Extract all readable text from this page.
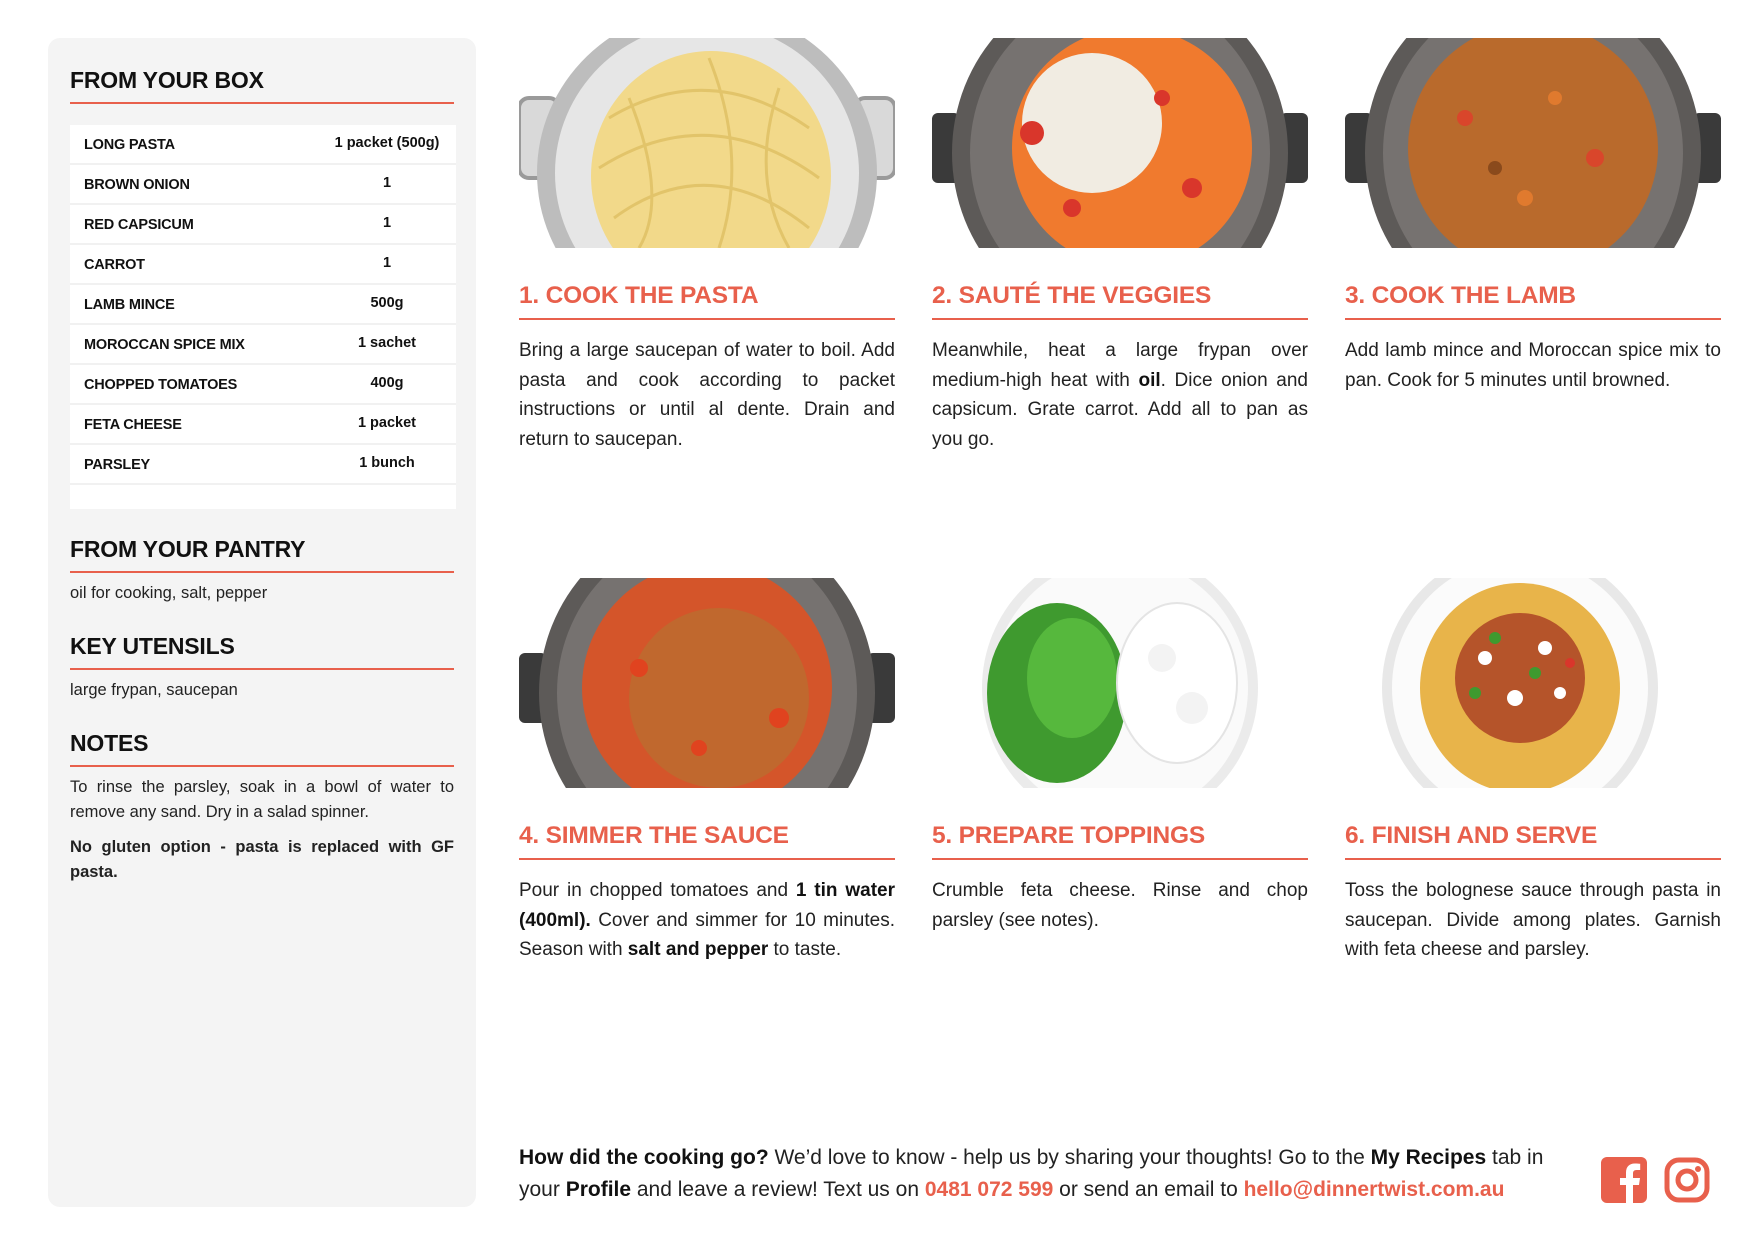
FROM YOUR BOX
LONG PASTA	1 packet (500g)
BROWN ONION	1
RED CAPSICUM	1
CARROT	1
LAMB MINCE	500g
MOROCCAN SPICE MIX	1 sachet
CHOPPED TOMATOES	400g
FETA CHEESE	1 packet
PARSLEY	1 bunch
FROM YOUR PANTRY

oil for cooking, salt, pepper

KEY UTENSILS

large frypan, saucepan

NOTES

To rinse the parsley, soak in a bowl of water to remove any sand. Dry in a salad spinner.

No gluten option - pasta is replaced with GF pasta.

1. COOK THE PASTA

Bring a large saucepan of water to boil. Add pasta and cook according to packet instructions or until al dente. Drain and return to saucepan.

2. SAUTÉ THE VEGGIES

Meanwhile, heat a large frypan over medium-high heat with oil. Dice onion and capsicum. Grate carrot. Add all to pan as you go.

3. COOK THE LAMB

Add lamb mince and Moroccan spice mix to pan. Cook for 5 minutes until browned.

4. SIMMER THE SAUCE

Pour in chopped tomatoes and 1 tin water (400ml). Cover and simmer for 10 minutes. Season with salt and pepper to taste.

5. PREPARE TOPPINGS

Crumble feta cheese. Rinse and chop parsley (see notes).

6. FINISH AND SERVE

Toss the bolognese sauce through pasta in saucepan. Divide among plates. Garnish with feta cheese and parsley.

How did the cooking go? We’d love to know - help us by sharing your thoughts! Go to the My Recipes tab in your Profile and leave a review! Text us on 0481 072 599 or send an email to hello@dinnertwist.com.au
